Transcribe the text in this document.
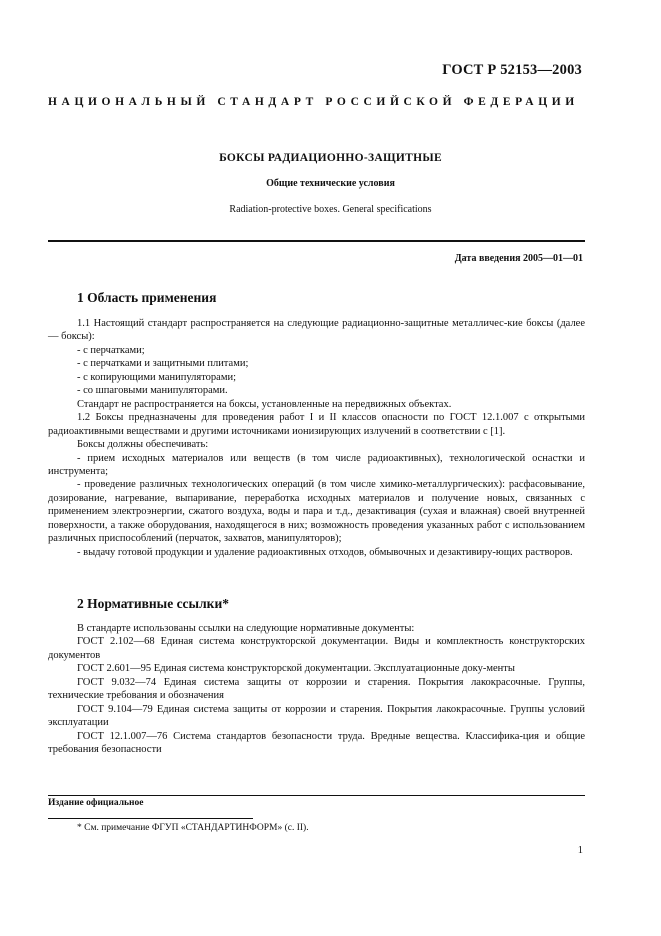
ГОСТ Р 52153—2003
НАЦИОНАЛЬНЫЙ СТАНДАРТ РОССИЙСКОЙ ФЕДЕРАЦИИ
БОКСЫ РАДИАЦИОННО-ЗАЩИТНЫЕ
Общие технические условия
Radiation-protective boxes. General specifications
Дата введения 2005—01—01
1 Область применения
1.1 Настоящий стандарт распространяется на следующие радиационно-защитные металличес-кие боксы (далее — боксы):
- с перчатками;
- с перчатками и защитными плитами;
- с копирующими манипуляторами;
- со шпаговыми манипуляторами.
Стандарт не распространяется на боксы, установленные на передвижных объектах.
1.2 Боксы предназначены для проведения работ I и II классов опасности по ГОСТ 12.1.007 с открытыми радиоактивными веществами и другими источниками ионизирующих излучений в соответствии с [1].
Боксы должны обеспечивать:
- прием исходных материалов или веществ (в том числе радиоактивных), технологической оснастки и инструмента;
- проведение различных технологических операций (в том числе химико-металлургических): расфасовывание, дозирование, нагревание, выпаривание, переработка исходных материалов и получение новых, связанных с применением электроэнергии, сжатого воздуха, воды и пара и т.д., дезактивация (сухая и влажная) своей внутренней поверхности, а также оборудования, находящегося в них; возможность проведения указанных работ с использованием различных приспособлений (перчаток, захватов, манипуляторов);
- выдачу готовой продукции и удаление радиоактивных отходов, обмывочных и дезактивиру-ющих растворов.
2 Нормативные ссылки*
В стандарте использованы ссылки на следующие нормативные документы:
ГОСТ 2.102—68 Единая система конструкторской документации. Виды и комплектность конструкторских документов
ГОСТ 2.601—95 Единая система конструкторской документации. Эксплуатационные доку-менты
ГОСТ 9.032—74 Единая система защиты от коррозии и старения. Покрытия лакокрасочные. Группы, технические требования и обозначения
ГОСТ 9.104—79 Единая система защиты от коррозии и старения. Покрытия лакокрасочные. Группы условий эксплуатации
ГОСТ 12.1.007—76 Система стандартов безопасности труда. Вредные вещества. Классифика-ция и общие требования безопасности
Издание официальное
* См. примечание ФГУП «СТАНДАРТИНФОРМ» (с. II).
1
